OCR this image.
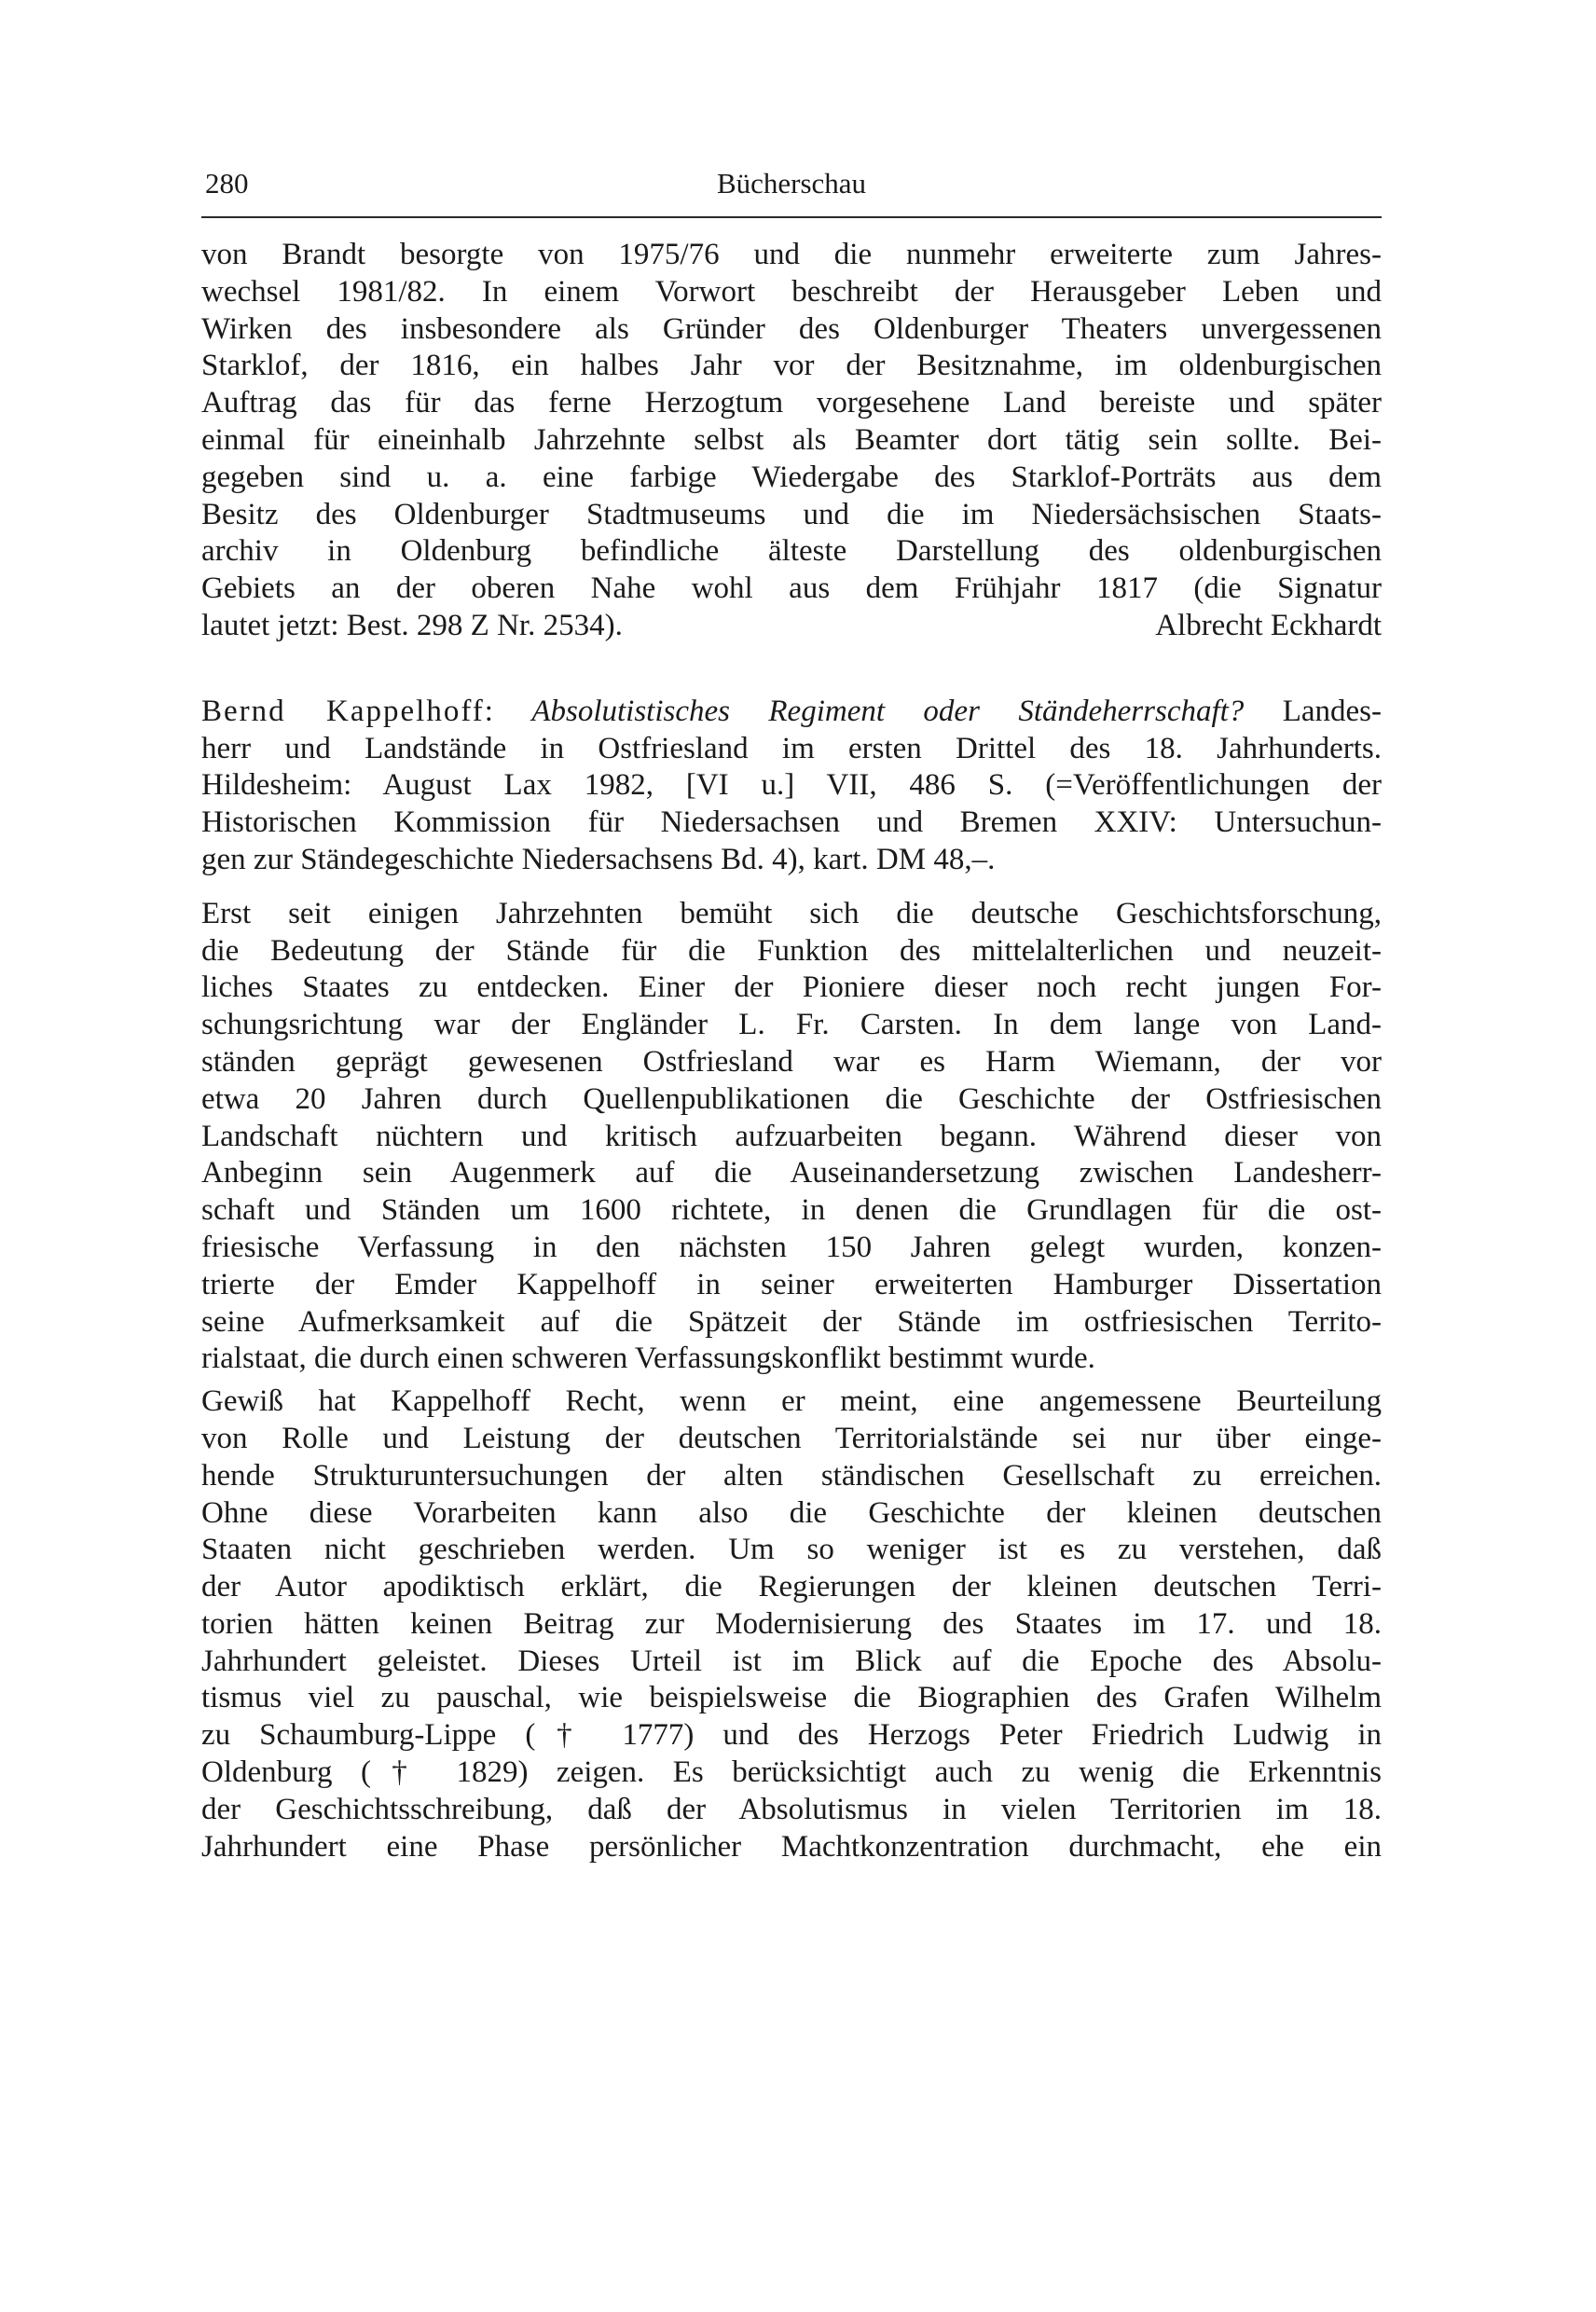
280	Bücherschau
von Brandt besorgte von 1975/76 und die nunmehr erweiterte zum Jahres-
wechsel 1981/82. In einem Vorwort beschreibt der Herausgeber Leben und
Wirken des insbesondere als Gründer des Oldenburger Theaters unvergessenen
Starklof, der 1816, ein halbes Jahr vor der Besitznahme, im oldenburgischen
Auftrag das für das ferne Herzogtum vorgesehene Land bereiste und später
einmal für eineinhalb Jahrzehnte selbst als Beamter dort tätig sein sollte. Bei-
gegeben sind u. a. eine farbige Wiedergabe des Starklof-Porträts aus dem
Besitz des Oldenburger Stadtmuseums und die im Niedersächsischen Staats-
archiv in Oldenburg befindliche älteste Darstellung des oldenburgischen
Gebiets an der oberen Nahe wohl aus dem Frühjahr 1817 (die Signatur
lautet jetzt: Best. 298 Z Nr. 2534).	Albrecht Eckhardt
Bernd Kappelhoff: Absolutistisches Regiment oder Ständeherrschaft? Landes-
herr und Landstände in Ostfriesland im ersten Drittel des 18. Jahrhunderts.
Hildesheim: August Lax 1982, [VI u.] VII, 486 S. (=Veröffentlichungen der
Historischen Kommission für Niedersachsen und Bremen XXIV: Untersuchun-
gen zur Ständegeschichte Niedersachsens Bd. 4), kart. DM 48,–.
Erst seit einigen Jahrzehnten bemüht sich die deutsche Geschichtsforschung,
die Bedeutung der Stände für die Funktion des mittelalterlichen und neuzeit-
liches Staates zu entdecken. Einer der Pioniere dieser noch recht jungen For-
schungsrichtung war der Engländer L. Fr. Carsten. In dem lange von Land-
ständen geprägt gewesenen Ostfriesland war es Harm Wiemann, der vor
etwa 20 Jahren durch Quellenpublikationen die Geschichte der Ostfriesischen
Landschaft nüchtern und kritisch aufzuarbeiten begann. Während dieser von
Anbeginn sein Augenmerk auf die Auseinandersetzung zwischen Landesherr-
schaft und Ständen um 1600 richtete, in denen die Grundlagen für die ost-
friesische Verfassung in den nächsten 150 Jahren gelegt wurden, konzen-
trierte der Emder Kappelhoff in seiner erweiterten Hamburger Dissertation
seine Aufmerksamkeit auf die Spätzeit der Stände im ostfriesischen Territo-
rialstaat, die durch einen schweren Verfassungskonflikt bestimmt wurde.
Gewiß hat Kappelhoff Recht, wenn er meint, eine angemessene Beurteilung
von Rolle und Leistung der deutschen Territorialstände sei nur über einge-
hende Strukturuntersuchungen der alten ständischen Gesellschaft zu erreichen.
Ohne diese Vorarbeiten kann also die Geschichte der kleinen deutschen
Staaten nicht geschrieben werden. Um so weniger ist es zu verstehen, daß
der Autor apodiktisch erklärt, die Regierungen der kleinen deutschen Terri-
torien hätten keinen Beitrag zur Modernisierung des Staates im 17. und 18.
Jahrhundert geleistet. Dieses Urteil ist im Blick auf die Epoche des Absolu-
tismus viel zu pauschal, wie beispielsweise die Biographien des Grafen Wilhelm
zu Schaumburg-Lippe († 1777) und des Herzogs Peter Friedrich Ludwig in
Oldenburg († 1829) zeigen. Es berücksichtigt auch zu wenig die Erkenntnis
der Geschichtsschreibung, daß der Absolutismus in vielen Territorien im 18.
Jahrhundert eine Phase persönlicher Machtkonzentration durchmacht, ehe ein
